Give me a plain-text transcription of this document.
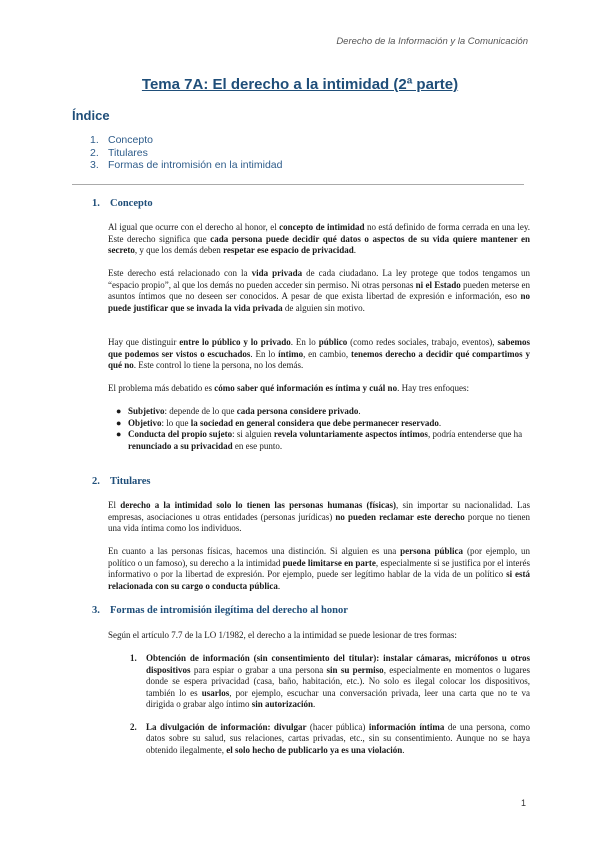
Derecho de la Información y la Comunicación
Tema 7A: El derecho a la intimidad (2ª parte)
Índice
1. Concepto
2. Titulares
3. Formas de intromisión en la intimidad
1. Concepto

Al igual que ocurre con el derecho al honor, el concepto de intimidad no está definido de forma cerrada en una ley. Este derecho significa que cada persona puede decidir qué datos o aspectos de su vida quiere mantener en secreto, y que los demás deben respetar ese espacio de privacidad.

Este derecho está relacionado con la vida privada de cada ciudadano. La ley protege que todos tengamos un “espacio propio”, al que los demás no pueden acceder sin permiso. Ni otras personas ni el Estado pueden meterse en asuntos íntimos que no deseen ser conocidos. A pesar de que exista libertad de expresión e información, eso no puede justificar que se invada la vida privada de alguien sin motivo.

Hay que distinguir entre lo público y lo privado. En lo público (como redes sociales, trabajo, eventos), sabemos que podemos ser vistos o escuchados. En lo íntimo, en cambio, tenemos derecho a decidir qué compartimos y qué no. Este control lo tiene la persona, no los demás.

El problema más debatido es cómo saber qué información es íntima y cuál no. Hay tres enfoques:

● Subjetivo: depende de lo que cada persona considere privado.
● Objetivo: lo que la sociedad en general considera que debe permanecer reservado.
● Conducta del propio sujeto: si alguien revela voluntariamente aspectos íntimos, podría entenderse que ha renunciado a su privacidad en ese punto.
2. Titulares

El derecho a la intimidad solo lo tienen las personas humanas (físicas), sin importar su nacionalidad. Las empresas, asociaciones u otras entidades (personas jurídicas) no pueden reclamar este derecho porque no tienen una vida íntima como los individuos.

En cuanto a las personas físicas, hacemos una distinción. Si alguien es una persona pública (por ejemplo, un político o un famoso), su derecho a la intimidad puede limitarse en parte, especialmente si se justifica por el interés informativo o por la libertad de expresión. Por ejemplo, puede ser legítimo hablar de la vida de un político si está relacionada con su cargo o conducta pública.

3. Formas de intromisión ilegítima del derecho al honor

Según el artículo 7.7 de la LO 1/1982, el derecho a la intimidad se puede lesionar de tres formas:

1. Obtención de información (sin consentimiento del titular): instalar cámaras, micrófonos u otros dispositivos para espiar o grabar a una persona sin su permiso, especialmente en momentos o lugares donde se espera privacidad (casa, baño, habitación, etc.). No solo es ilegal colocar los dispositivos, también lo es usarlos, por ejemplo, escuchar una conversación privada, leer una carta que no te va dirigida o grabar algo íntimo sin autorización.
2. La divulgación de información: divulgar (hacer pública) información íntima de una persona, como datos sobre su salud, sus relaciones, cartas privadas, etc., sin su consentimiento. Aunque no se haya obtenido ilegalmente, el solo hecho de publicarlo ya es una violación.
1
